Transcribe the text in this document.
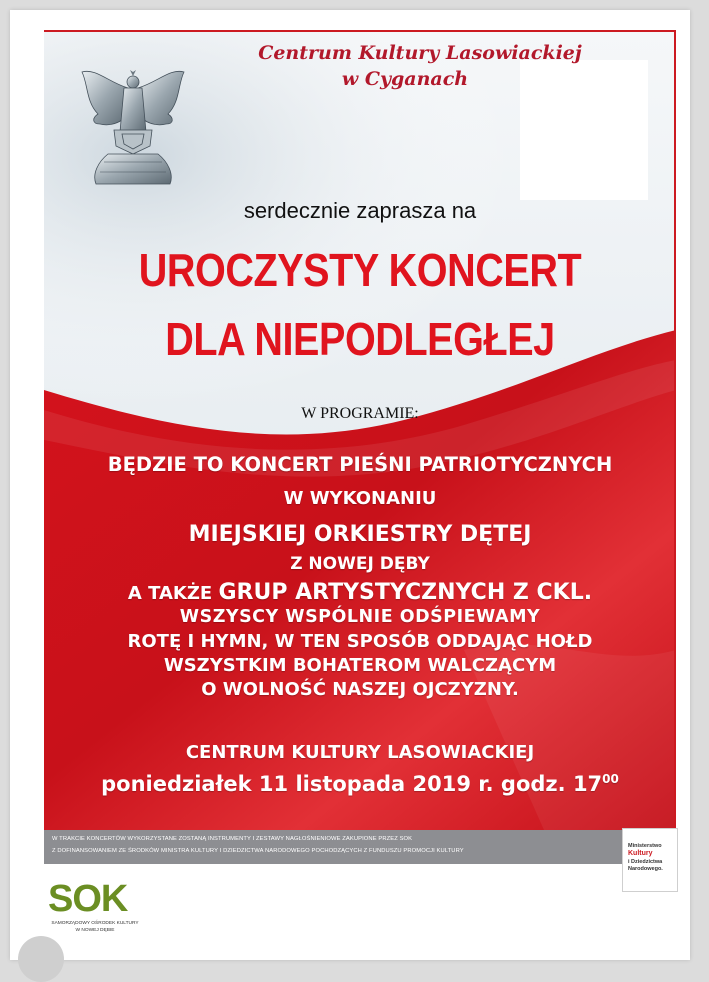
Centrum Kultury Lasowiackiej
w Cyganach
serdecznie zaprasza na
UROCZYSTY KONCERT
DLA NIEPODLEGŁEJ
W PROGRAMIE:
BĘDZIE TO KONCERT PIEŚNI PATRIOTYCZNYCH
W WYKONANIU
MIEJSKIEJ ORKIESTRY DĘTEJ
Z NOWEJ DĘBY
A TAKŻE GRUP ARTYSTYCZNYCH Z CKL.
WSZYSCY WSPÓLNIE ODŚPIEWAMY
ROTĘ I HYMN, W TEN SPOSÓB ODDAJĄC HOŁD
WSZYSTKIM BOHATEROM WALCZĄCYM
O WOLNOŚĆ NASZEJ OJCZYZNY.
CENTRUM KULTURY LASOWIACKIEJ
poniedziałek 11 listopada 2019 r. godz. $17^{00}$
W TRAKCIE KONCERTÓW WYKORZYSTANE ZOSTANĄ INSTRUMENTY I ZESTAWY NAGŁOŚNIENIOWE ZAKUPIONE PRZEZ SOK
Z DOFINANSOWANIEM ZE ŚRODKÓW MINISTRA KULTURY I DZIEDZICTWA NARODOWEGO POCHODZĄCYCH Z FUNDUSZU PROMOCJI KULTURY
Ministerstwo
Kultury
i Dziedzictwa
Narodowego.
SOK
SAMORZĄDOWY OŚRODEK KULTURY
W NOWEJ DĘBIE
